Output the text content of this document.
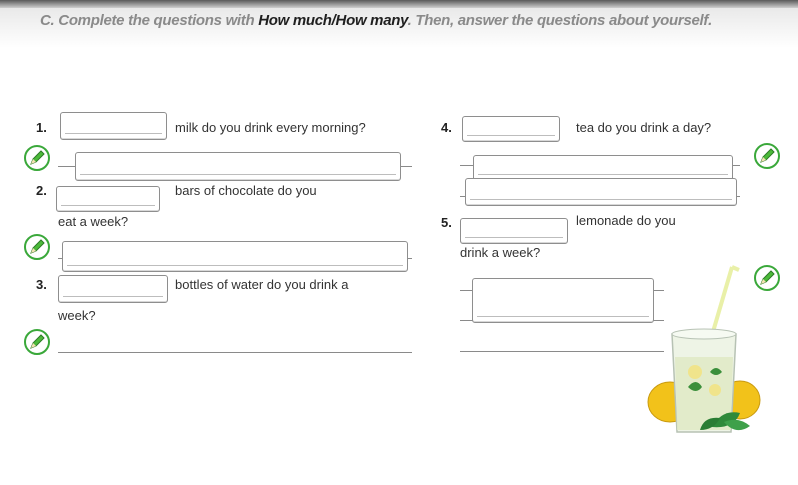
C. Complete the questions with How much/How many. Then, answer the questions about yourself.
1.	milk do you drink every morning?
2.	bars of chocolate do you
eat a week?
3.	bottles of water do you drink a
week?
4.	tea do you drink a day?
5.	lemonade do you
drink a week?
